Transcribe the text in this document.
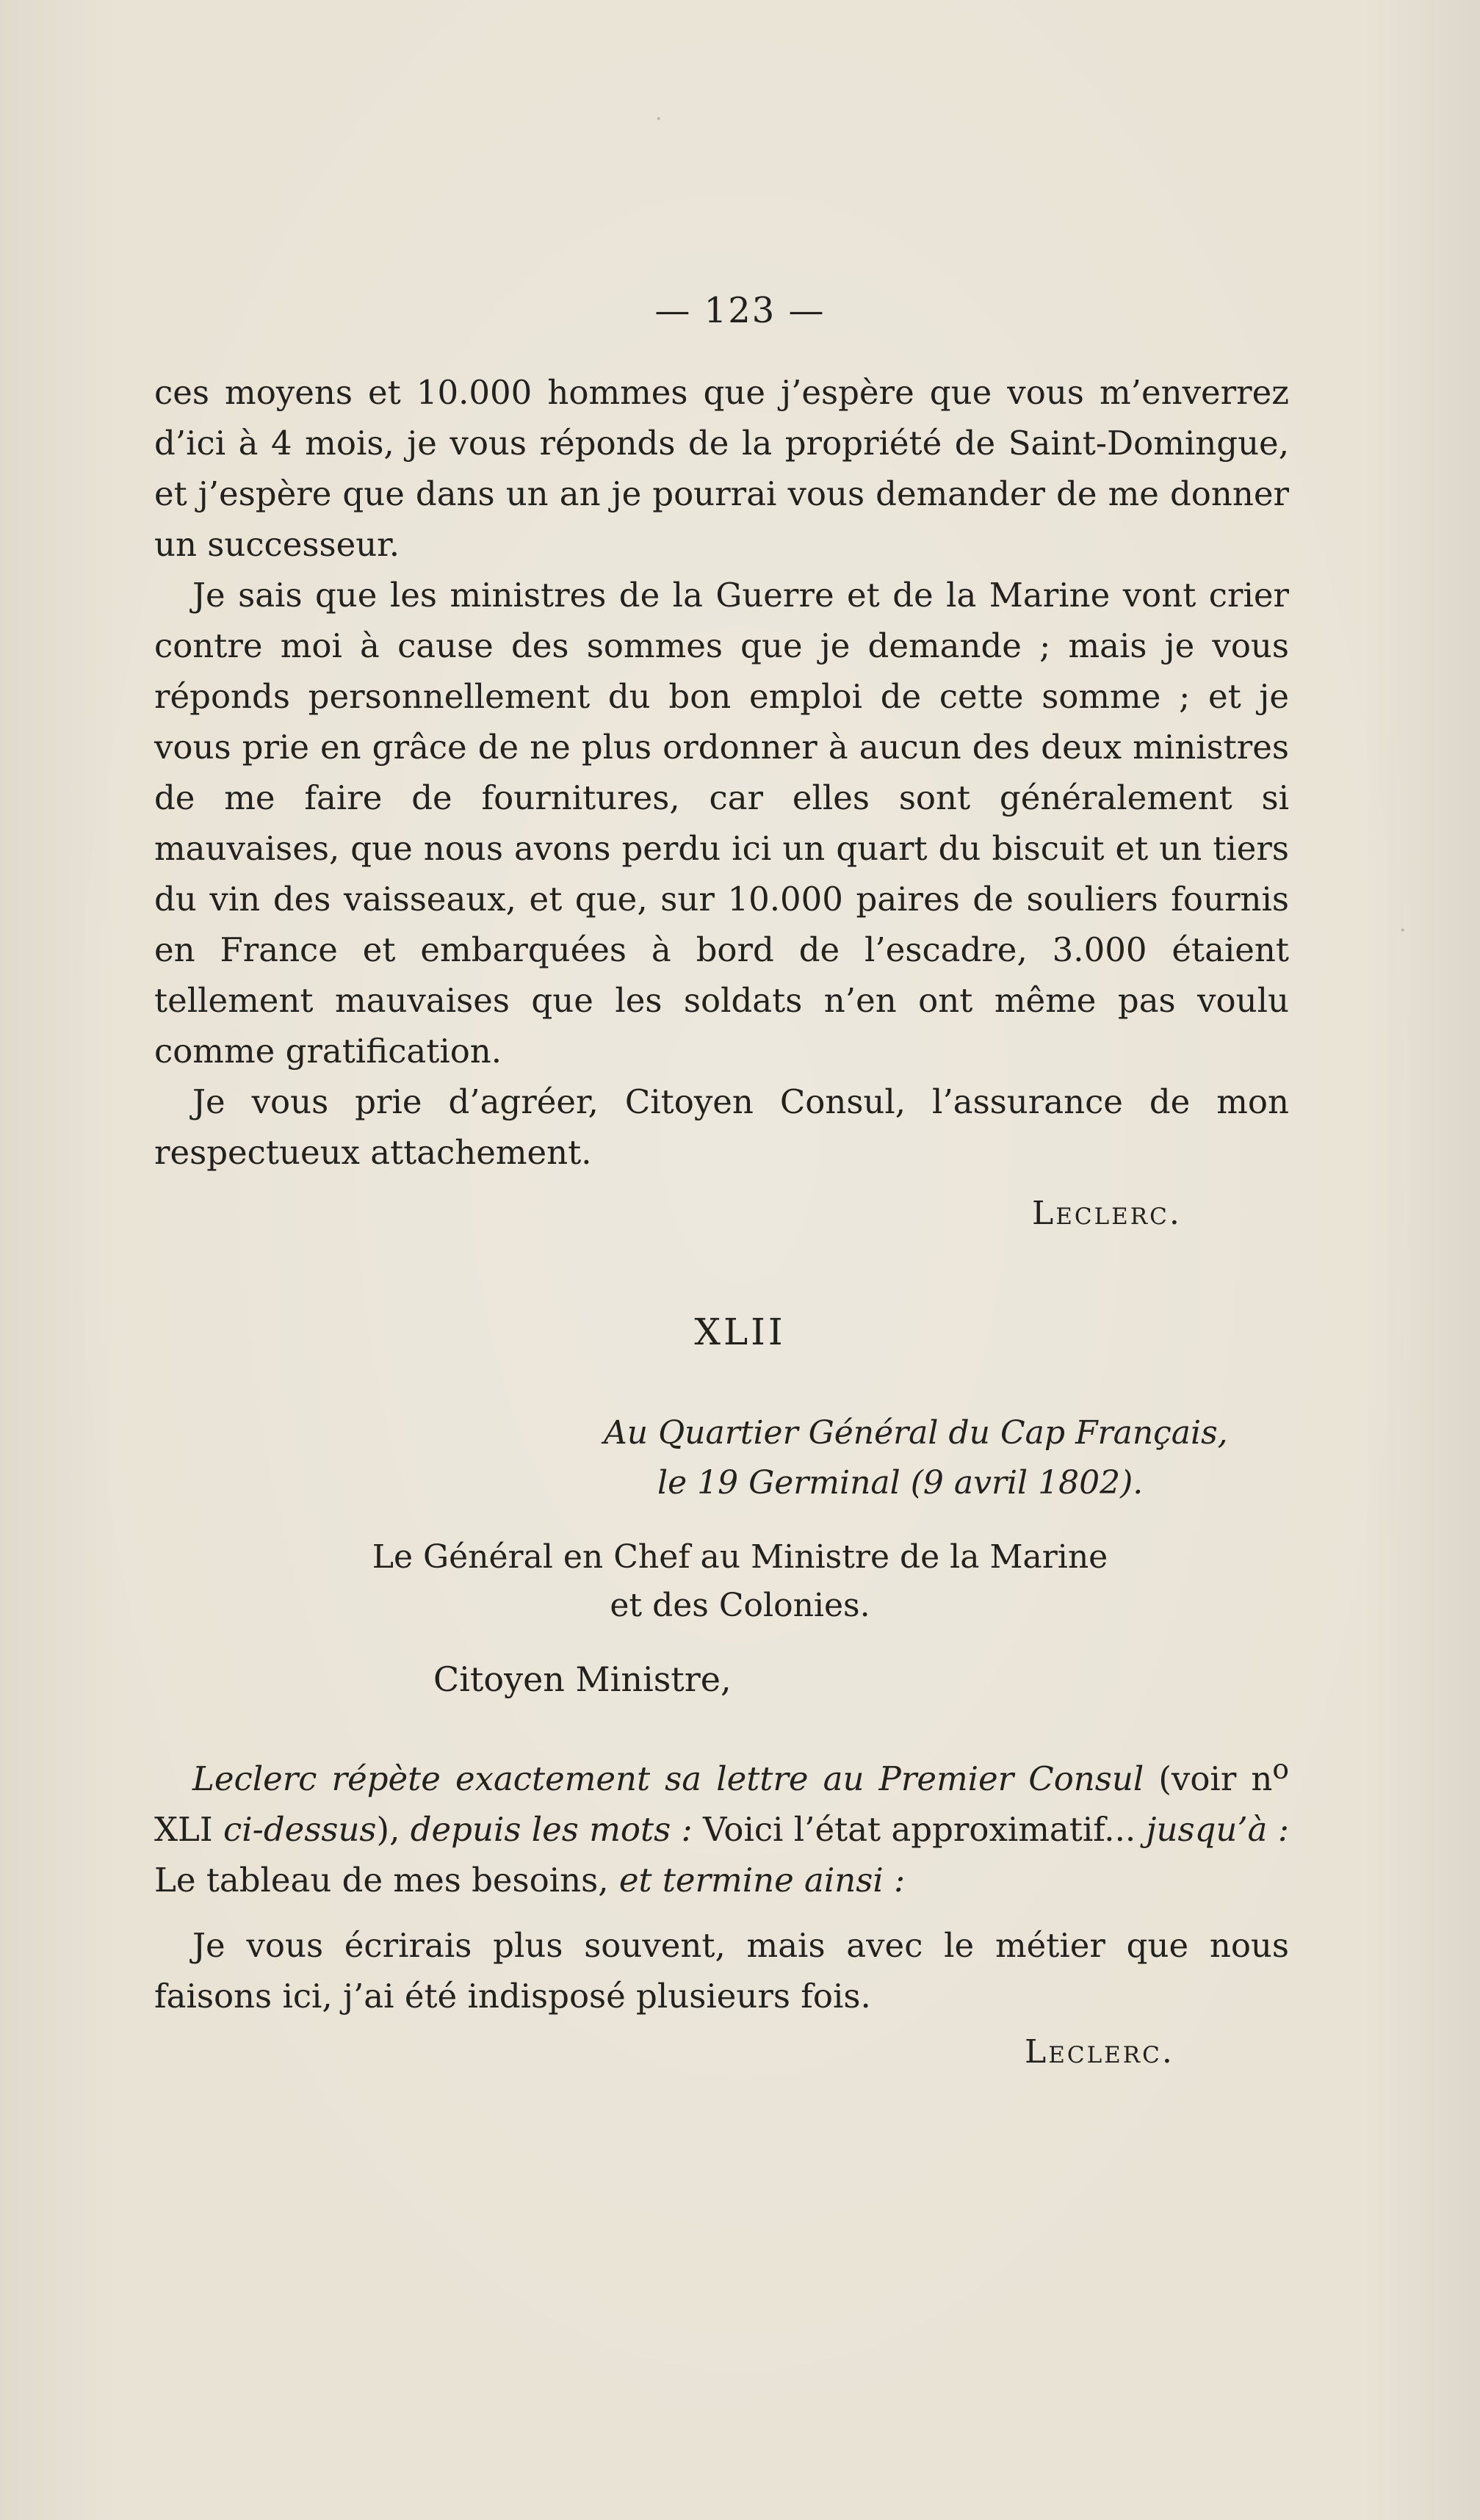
— 123 —

ces moyens et 10.000 hommes que j’espère que vous m’enverrez d’ici à 4 mois, je vous réponds de la propriété de Saint-Domingue, et j’espère que dans un an je pourrai vous demander de me donner un successeur.

Je sais que les ministres de la Guerre et de la Marine vont crier contre moi à cause des sommes que je demande ; mais je vous réponds personnellement du bon emploi de cette somme ; et je vous prie en grâce de ne plus ordonner à aucun des deux ministres de me faire de fournitures, car elles sont généralement si mauvaises, que nous avons perdu ici un quart du biscuit et un tiers du vin des vaisseaux, et que, sur 10.000 paires de souliers fournis en France et embarquées à bord de l’escadre, 3.000 étaient tellement mauvaises que les soldats n’en ont même pas voulu comme gratification.

Je vous prie d’agréer, Citoyen Consul, l’assurance de mon respectueux attachement.

Leclerc.
XLII
Au Quartier Général du Cap Français,
le 19 Germinal (9 avril 1802).
Le Général en Chef au Ministre de la Marine
et des Colonies.
Citoyen Ministre,

Leclerc répète exactement sa lettre au Premier Consul (voir $n^o$ XLI ci-dessus), depuis les mots : Voici l’état approximatif... jusqu’à : Le tableau de mes besoins, et termine ainsi :

Je vous écrirais plus souvent, mais avec le métier que nous faisons ici, j’ai été indisposé plusieurs fois.

Leclerc.
·
·
